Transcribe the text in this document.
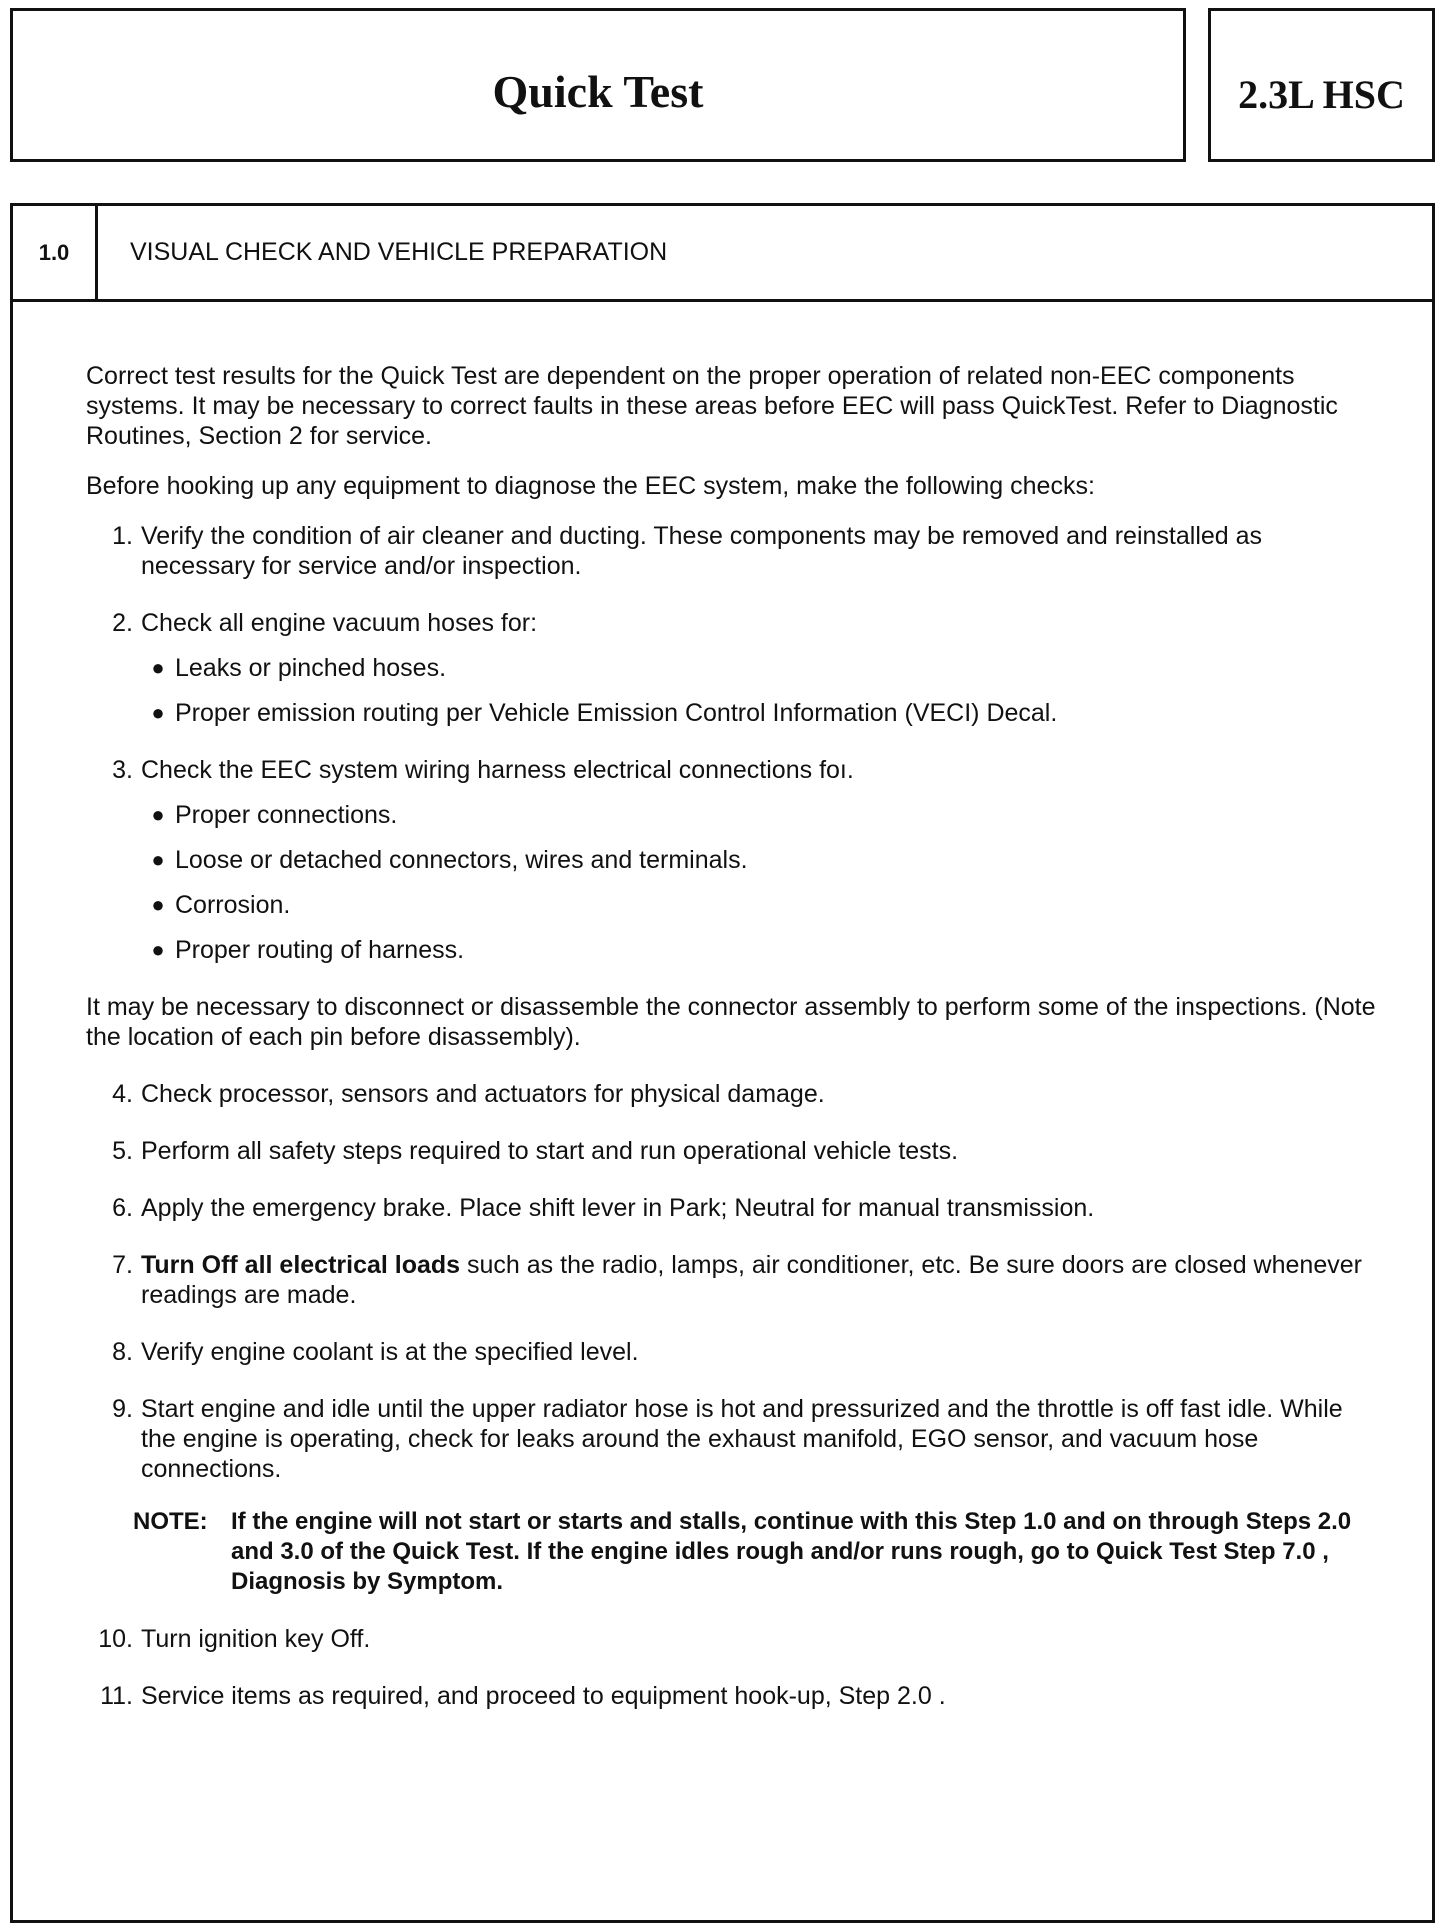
Quick Test	2.3L HSC
1.0	VISUAL CHECK AND VEHICLE PREPARATION

Correct test results for the Quick Test are dependent on the proper operation of related non-EEC components systems. It may be necessary to correct faults in these areas before EEC will pass QuickTest. Refer to Diagnostic Routines, Section 2 for service.

Before hooking up any equipment to diagnose the EEC system, make the following checks:

1. Verify the condition of air cleaner and ducting. These components may be removed and reinstalled as necessary for service and/or inspection.
2. Check all engine vacuum hoses for:
● Leaks or pinched hoses.
● Proper emission routing per Vehicle Emission Control Information (VECI) Decal.
3. Check the EEC system wiring harness electrical connections foı.
● Proper connections.
● Loose or detached connectors, wires and terminals.
● Corrosion.
● Proper routing of harness.

It may be necessary to disconnect or disassemble the connector assembly to perform some of the inspections. (Note the location of each pin before disassembly).

4. Check processor, sensors and actuators for physical damage.
5. Perform all safety steps required to start and run operational vehicle tests.
6. Apply the emergency brake. Place shift lever in Park; Neutral for manual transmission.
7. Turn Off all electrical loads such as the radio, lamps, air conditioner, etc. Be sure doors are closed whenever readings are made.
8. Verify engine coolant is at the specified level.
9. Start engine and idle until the upper radiator hose is hot and pressurized and the throttle is off fast idle. While the engine is operating, check for leaks around the exhaust manifold, EGO sensor, and vacuum hose connections.
NOTE: If the engine will not start or starts and stalls, continue with this Step 1.0 and on through Steps 2.0 and 3.0 of the Quick Test. If the engine idles rough and/or runs rough, go to Quick Test Step 7.0 , Diagnosis by Symptom.
10. Turn ignition key Off.
11. Service items as required, and proceed to equipment hook-up, Step 2.0 .
